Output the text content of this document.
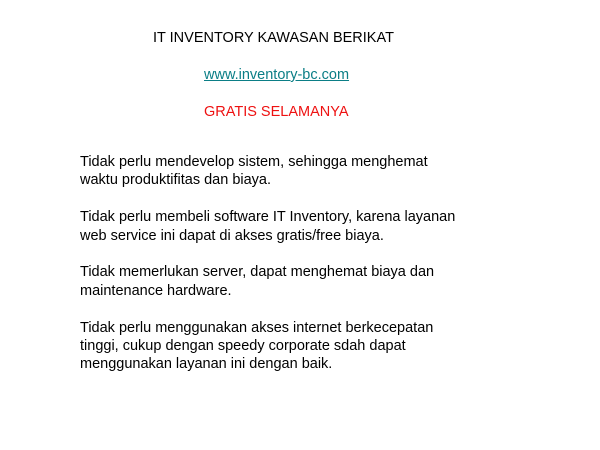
IT INVENTORY KAWASAN BERIKAT
www.inventory-bc.com
GRATIS SELAMANYA

Tidak perlu mendevelop sistem, sehingga menghemat
waktu produktifitas dan biaya.

Tidak perlu membeli software IT Inventory, karena layanan
web service ini dapat di akses gratis/free biaya.

Tidak memerlukan server, dapat menghemat biaya dan
maintenance hardware.

Tidak perlu menggunakan akses internet berkecepatan
tinggi, cukup dengan speedy corporate sdah dapat
menggunakan layanan ini dengan baik.
